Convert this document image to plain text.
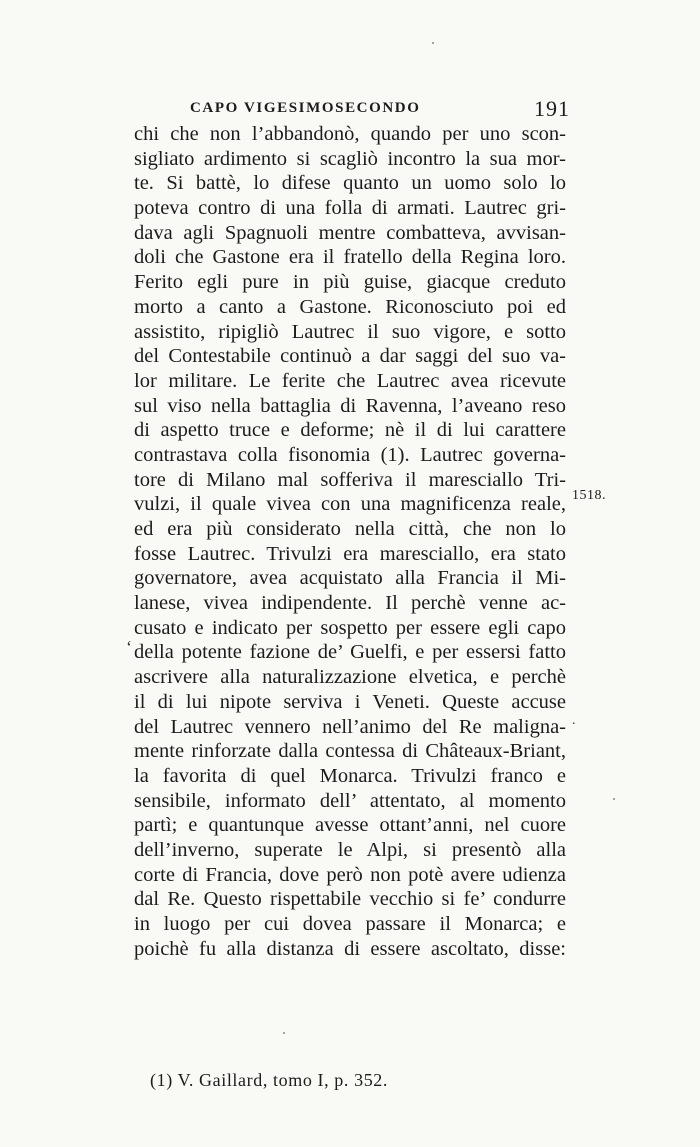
CAPO VIGESIMOSECONDO	191
chi che non l’abbandonò, quando per uno scon-
sigliato ardimento si scagliò incontro la sua mor-
te. Si battè, lo difese quanto un uomo solo lo
poteva contro di una folla di armati. Lautrec gri-
dava agli Spagnuoli mentre combatteva, avvisan-
doli che Gastone era il fratello della Regina loro.
Ferito egli pure in più guise, giacque creduto
morto a canto a Gastone. Riconosciuto poi ed
assistito, ripigliò Lautrec il suo vigore, e sotto
del Contestabile continuò a dar saggi del suo va-
lor militare. Le ferite che Lautrec avea ricevute
sul viso nella battaglia di Ravenna, l’aveano reso
di aspetto truce e deforme; nè il di lui carattere
contrastava colla fisonomia (1). Lautrec governa-
tore di Milano mal sofferiva il maresciallo Tri-
vulzi, il quale vivea con una magnificenza reale,
ed era più considerato nella città, che non lo
fosse Lautrec. Trivulzi era maresciallo, era stato
governatore, avea acquistato alla Francia il Mi-
lanese, vivea indipendente. Il perchè venne ac-
cusato e indicato per sospetto per essere egli capo
della potente fazione de’ Guelfi, e per essersi fatto
ascrivere alla naturalizzazione elvetica, e perchè
il di lui nipote serviva i Veneti. Queste accuse
del Lautrec vennero nell’animo del Re maligna-
mente rinforzate dalla contessa di Châteaux-Briant,
la favorita di quel Monarca. Trivulzi franco e
sensibile, informato dell’ attentato, al momento
partì; e quantunque avesse ottant’anni, nel cuore
dell’inverno, superate le Alpi, si presentò alla
corte di Francia, dove però non potè avere udienza
dal Re. Questo rispettabile vecchio si fe’ condurre
in luogo per cui dovea passare il Monarca; e
poichè fu alla distanza di essere ascoltato, disse:
1518.
.
‘
(1) V. Gaillard, tomo I, p. 352.
